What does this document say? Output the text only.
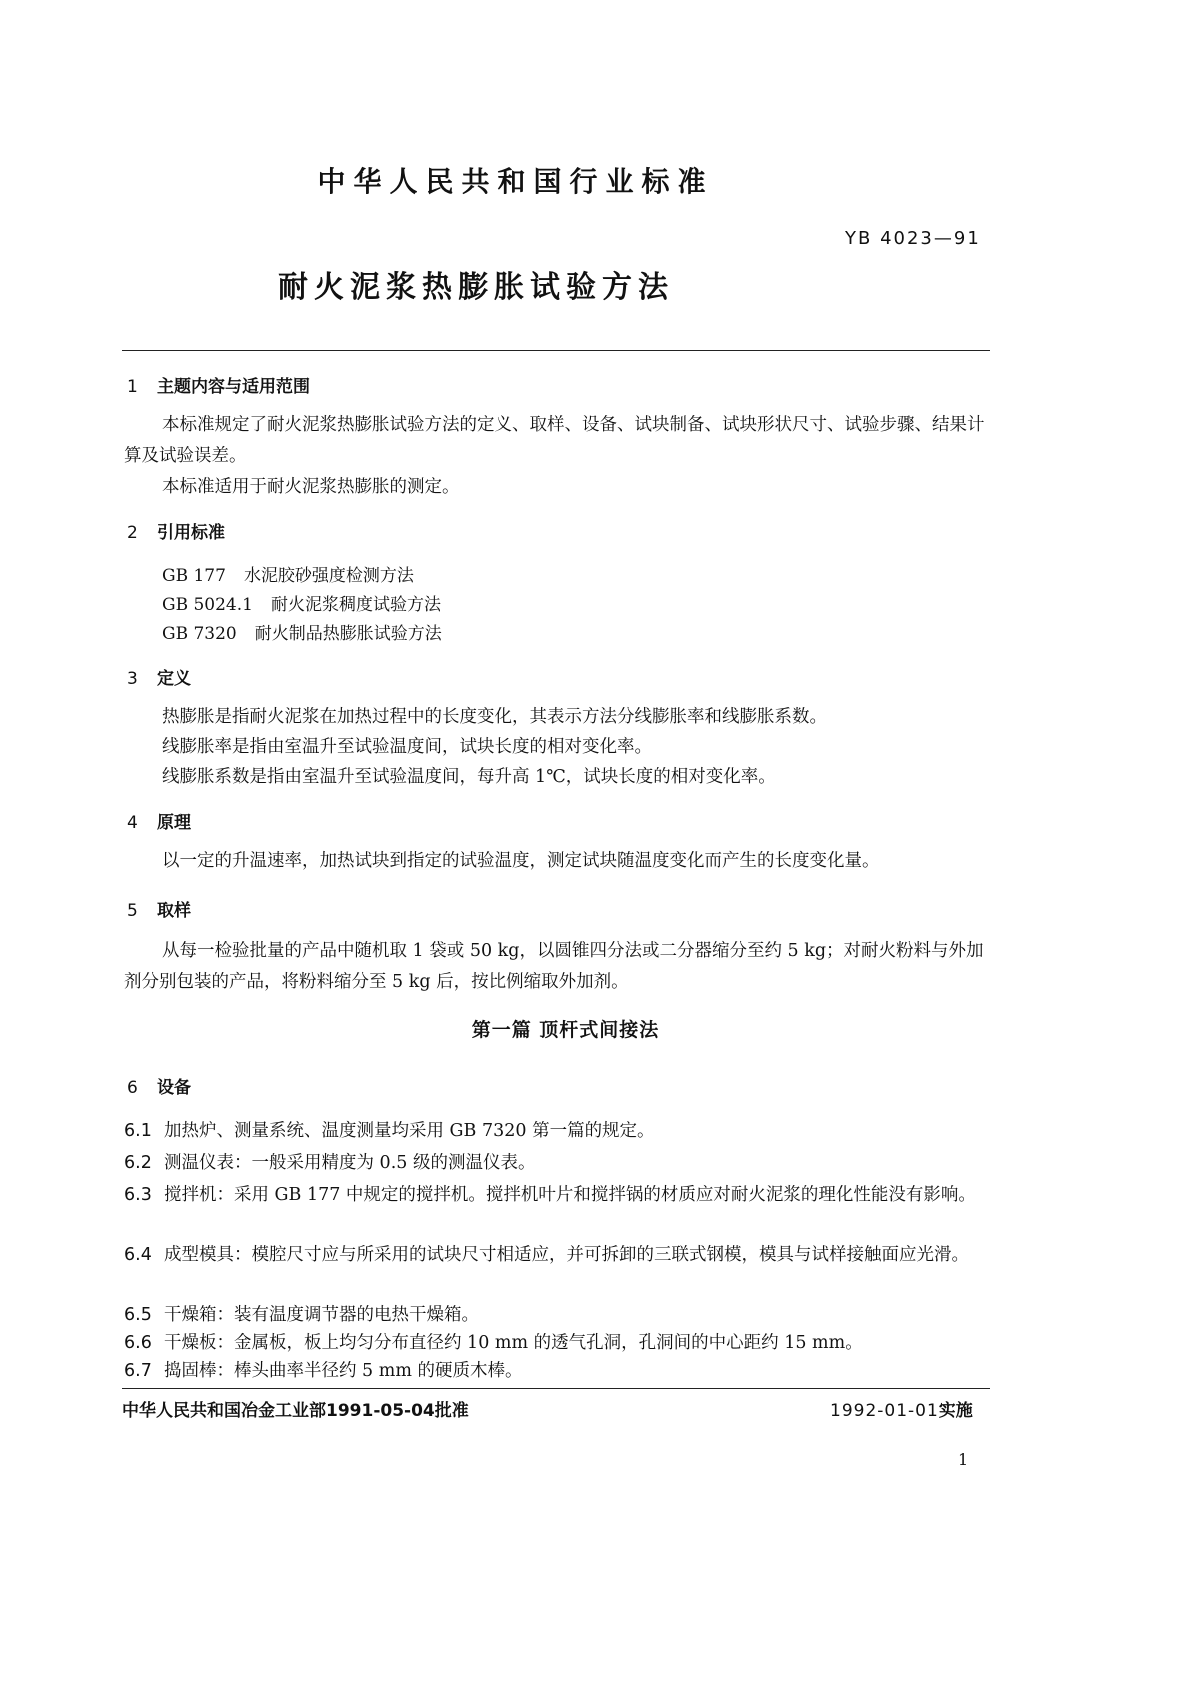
中华人民共和国行业标准
YB 4023—91
耐火泥浆热膨胀试验方法
1 主题内容与适用范围
本标准规定了耐火泥浆热膨胀试验方法的定义、取样、设备、试块制备、试块形状尺寸、试验步骤、结果计算及试验误差。
本标准适用于耐火泥浆热膨胀的测定。
2 引用标准
GB 177 水泥胶砂强度检测方法
GB 5024.1 耐火泥浆稠度试验方法
GB 7320 耐火制品热膨胀试验方法
3 定义
热膨胀是指耐火泥浆在加热过程中的长度变化，其表示方法分线膨胀率和线膨胀系数。
线膨胀率是指由室温升至试验温度间，试块长度的相对变化率。
线膨胀系数是指由室温升至试验温度间，每升高 1℃，试块长度的相对变化率。
4 原理
以一定的升温速率，加热试块到指定的试验温度，测定试块随温度变化而产生的长度变化量。
5 取样
从每一检验批量的产品中随机取 1 袋或 50 kg，以圆锥四分法或二分器缩分至约 5 kg；对耐火粉料与外加剂分别包装的产品，将粉料缩分至 5 kg 后，按比例缩取外加剂。
第一篇 顶杆式间接法
6 设备
6.1 加热炉、测量系统、温度测量均采用 GB 7320 第一篇的规定。
6.2 测温仪表：一般采用精度为 0.5 级的测温仪表。
6.3 搅拌机：采用 GB 177 中规定的搅拌机。搅拌机叶片和搅拌锅的材质应对耐火泥浆的理化性能没有影响。
6.4 成型模具：模腔尺寸应与所采用的试块尺寸相适应，并可拆卸的三联式钢模，模具与试样接触面应光滑。
6.5 干燥箱：装有温度调节器的电热干燥箱。
6.6 干燥板：金属板，板上均匀分布直径约 10 mm 的透气孔洞，孔洞间的中心距约 15 mm。
6.7 捣固棒：棒头曲率半径约 5 mm 的硬质木棒。
中华人民共和国冶金工业部1991-05-04批准	1992-01-01实施
1
